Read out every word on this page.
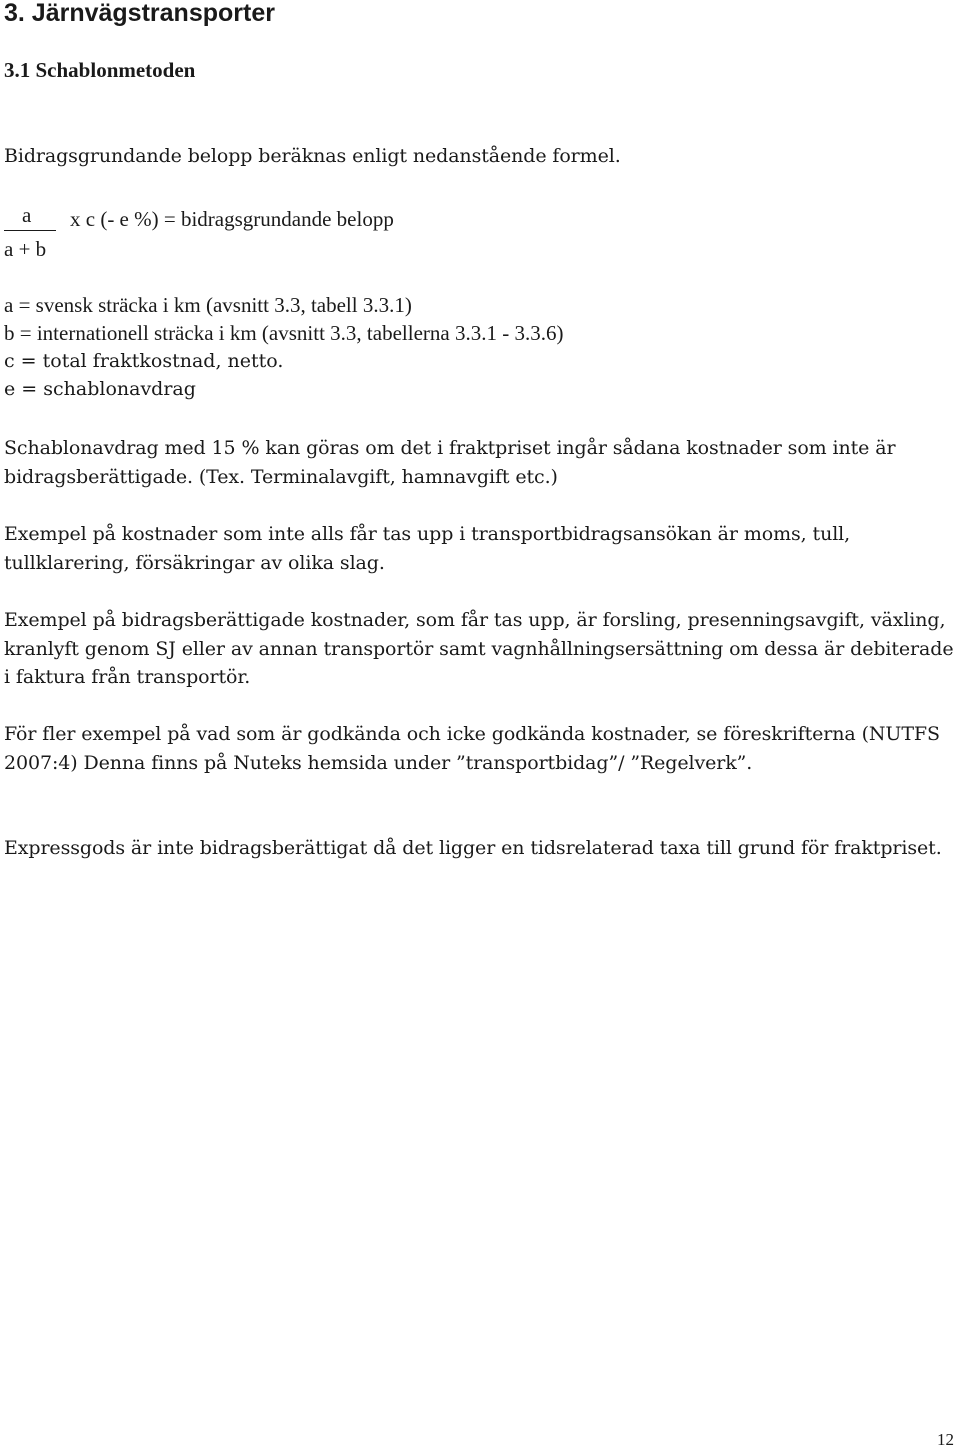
3. Järnvägstransporter
3.1 Schablonmetoden

Bidragsgrundande belopp beräknas enligt nedanstående formel.

a x c (- e %) = bidragsgrundande belopp
a + b
a = svensk sträcka i km (avsnitt 3.3, tabell 3.3.1)
b = internationell sträcka i km (avsnitt 3.3, tabellerna 3.3.1 - 3.3.6)
c = total fraktkostnad, netto.
e = schablonavdrag

Schablonavdrag med 15 % kan göras om det i fraktpriset ingår sådana kostnader som inte är bidragsberättigade. (Tex. Terminalavgift, hamnavgift etc.)

Exempel på kostnader som inte alls får tas upp i transportbidragsansökan är moms, tull, tullklarering, försäkringar av olika slag.

Exempel på bidragsberättigade kostnader, som får tas upp, är forsling, presenningsavgift, växling, kranlyft genom SJ eller av annan transportör samt vagnhållningsersättning om dessa är debiterade i faktura från transportör.

För fler exempel på vad som är godkända och icke godkända kostnader, se föreskrifterna (NUTFS 2007:4) Denna finns på Nuteks hemsida under ”transportbidag”/ ”Regelverk”.

Expressgods är inte bidragsberättigat då det ligger en tidsrelaterad taxa till grund för fraktpriset.

12
